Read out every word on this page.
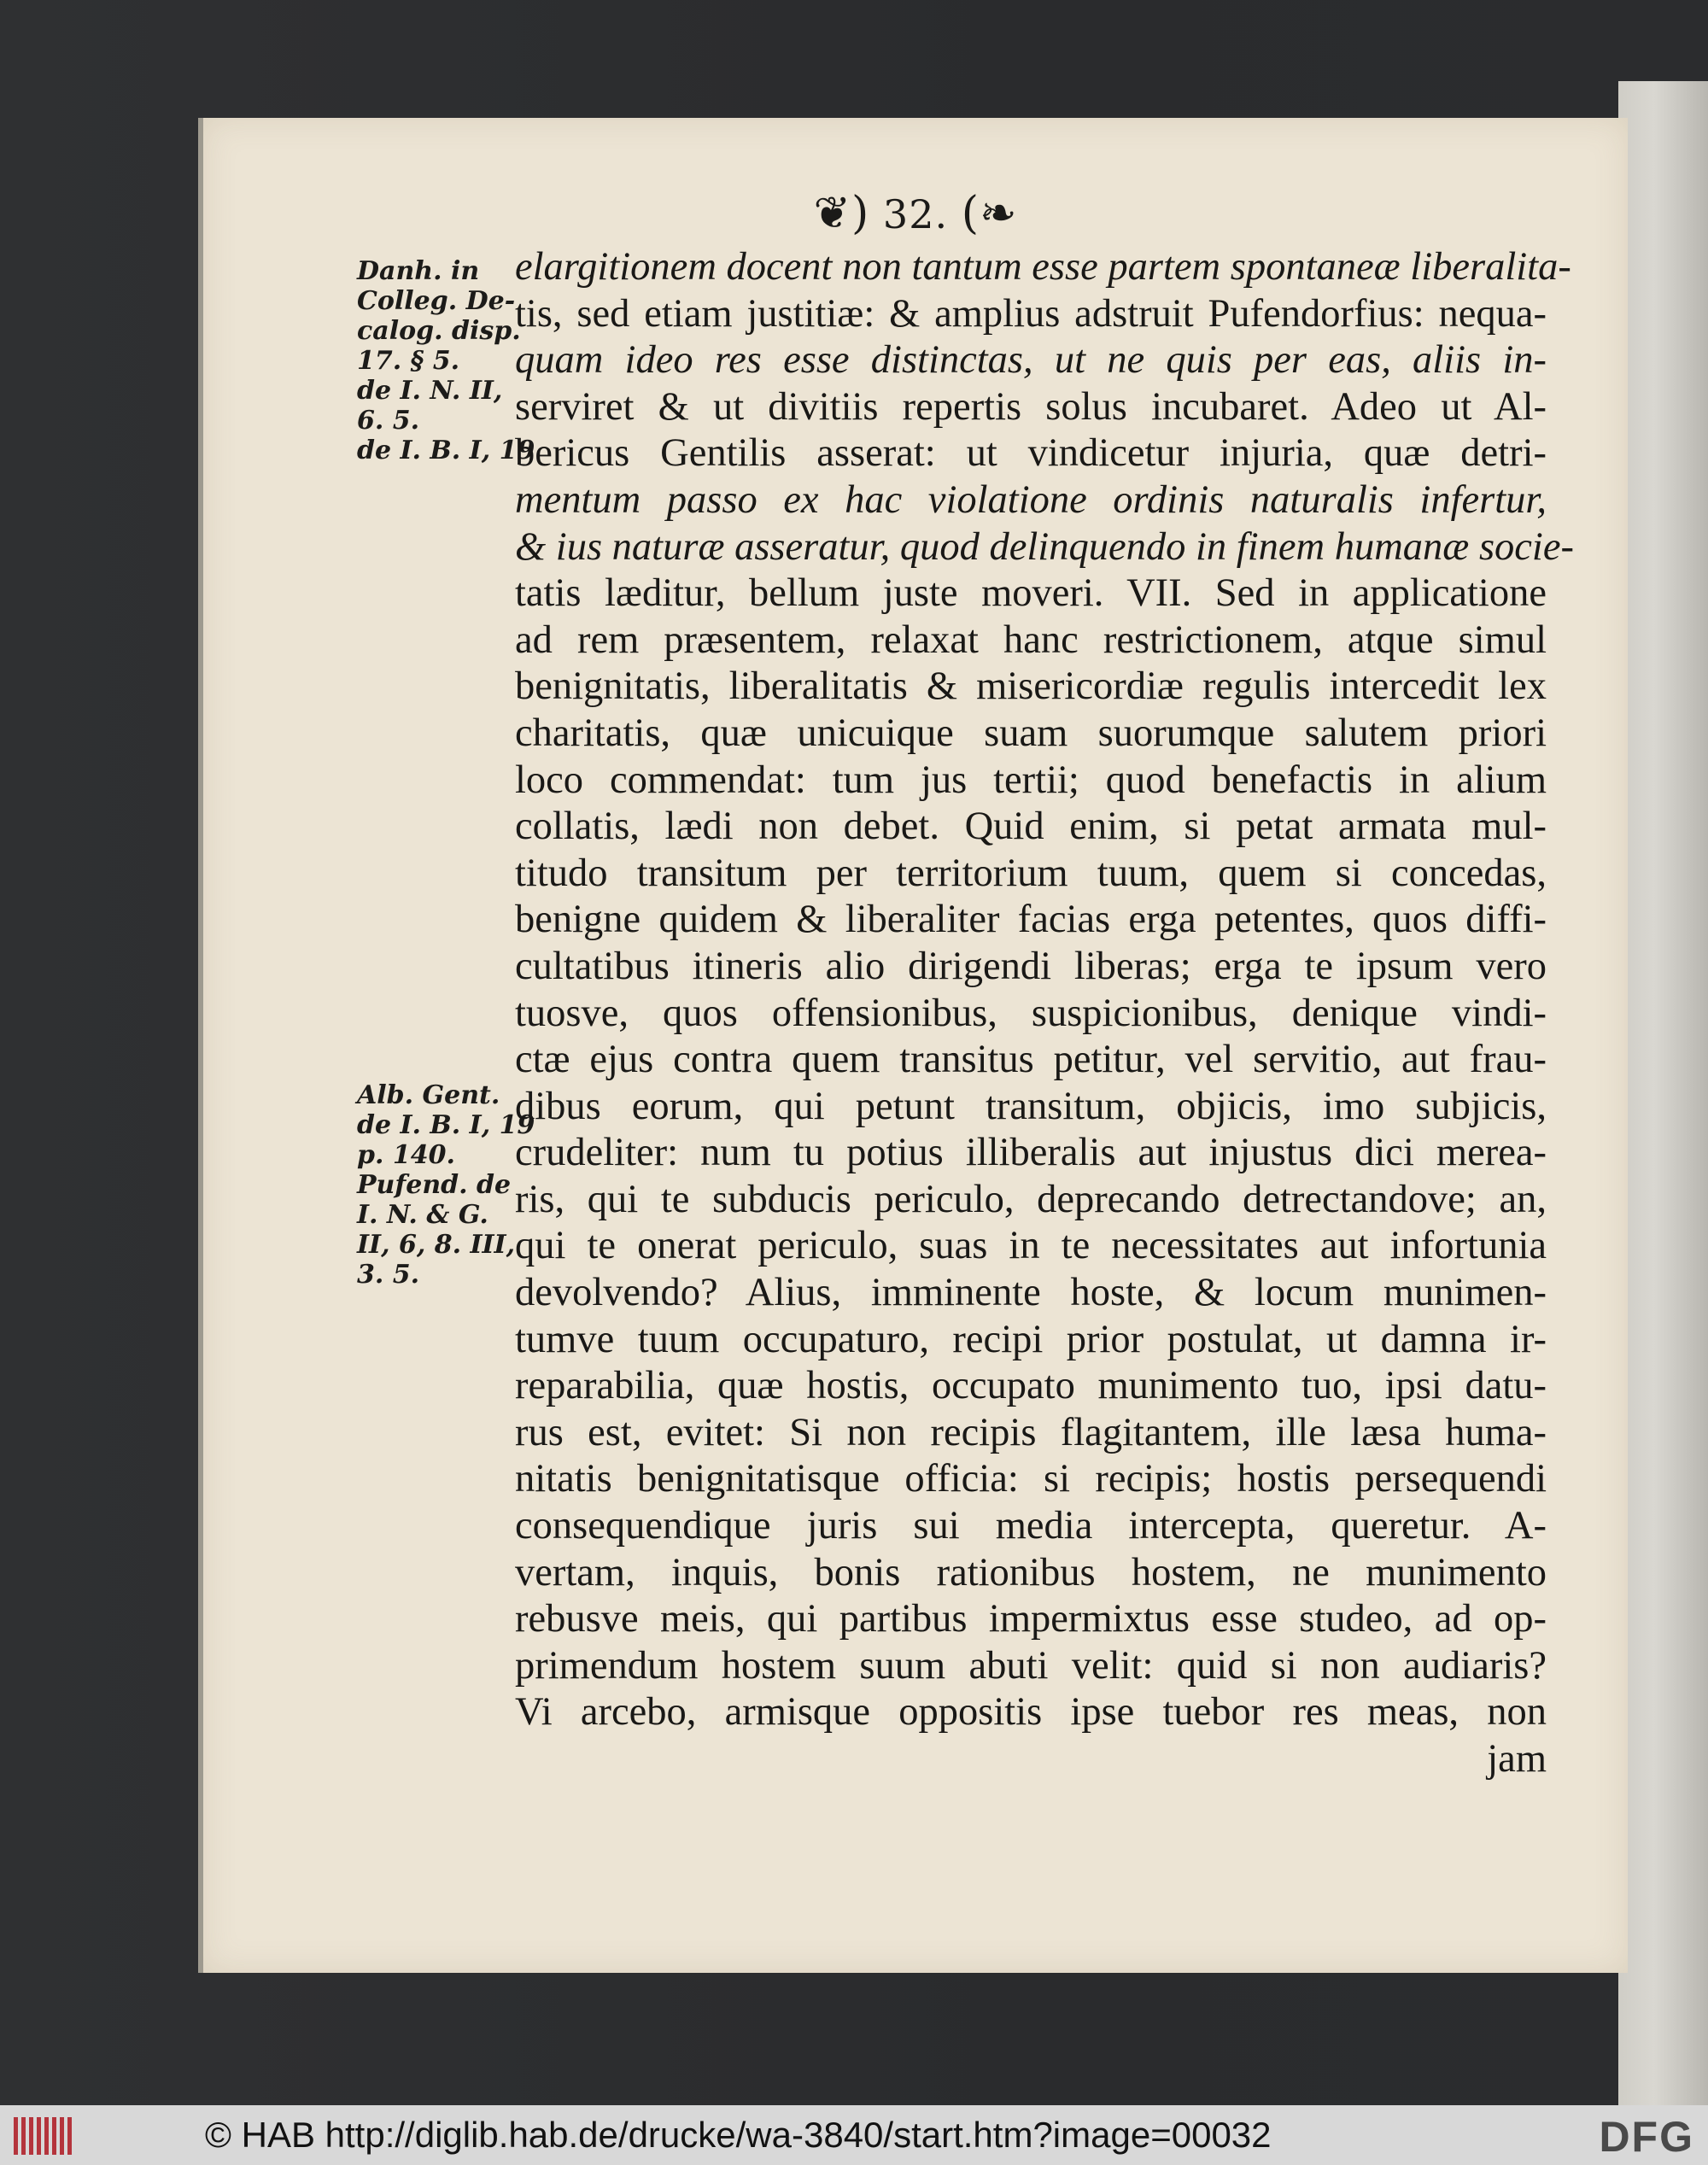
❦) 32. (❧
Danh. in
Colleg. De-
calog. disp.
17. § 5.
de I. N. II,
6. 5.
de I. B. I, 19
Alb. Gent.
de I. B. I, 19
p. 140.
Pufend. de
I. N. & G.
II, 6, 8. III,
3. 5.
elargitionem docent non tantum esse partem spontaneæ liberalita-
tis, sed etiam justitiæ: & amplius adstruit Pufendorfius: nequa-
quam ideo res esse distinctas, ut ne quis per eas, aliis in-
serviret & ut divitiis repertis solus incubaret. Adeo ut Al-
bericus Gentilis asserat: ut vindicetur injuria, quæ detri-
mentum passo ex hac violatione ordinis naturalis infertur,
& ius naturæ asseratur, quod delinquendo in finem humanæ socie-
tatis læditur, bellum juste moveri. VII. Sed in applicatione
ad rem præsentem, relaxat hanc restrictionem, atque simul
benignitatis, liberalitatis & misericordiæ regulis intercedit lex
charitatis, quæ unicuique suam suorumque salutem priori
loco commendat: tum jus tertii; quod benefactis in alium
collatis, lædi non debet. Quid enim, si petat armata mul-
titudo transitum per territorium tuum, quem si concedas,
benigne quidem & liberaliter facias erga petentes, quos diffi-
cultatibus itineris alio dirigendi liberas; erga te ipsum vero
tuosve, quos offensionibus, suspicionibus, denique vindi-
ctæ ejus contra quem transitus petitur, vel servitio, aut frau-
dibus eorum, qui petunt transitum, objicis, imo subjicis,
crudeliter: num tu potius illiberalis aut injustus dici merea-
ris, qui te subducis periculo, deprecando detrectandove; an,
qui te onerat periculo, suas in te necessitates aut infortunia
devolvendo? Alius, imminente hoste, & locum munimen-
tumve tuum occupaturo, recipi prior postulat, ut damna ir-
reparabilia, quæ hostis, occupato munimento tuo, ipsi datu-
rus est, evitet: Si non recipis flagitantem, ille læsa huma-
nitatis benignitatisque officia: si recipis; hostis persequendi
consequendique juris sui media intercepta, queretur. A-
vertam, inquis, bonis rationibus hostem, ne munimento
rebusve meis, qui partibus impermixtus esse studeo, ad op-
primendum hostem suum abuti velit: quid si non audiaris?
Vi arcebo, armisque oppositis ipse tuebor res meas, non
jam
© HAB http://diglib.hab.de/drucke/wa-3840/start.htm?image=00032	DFG
